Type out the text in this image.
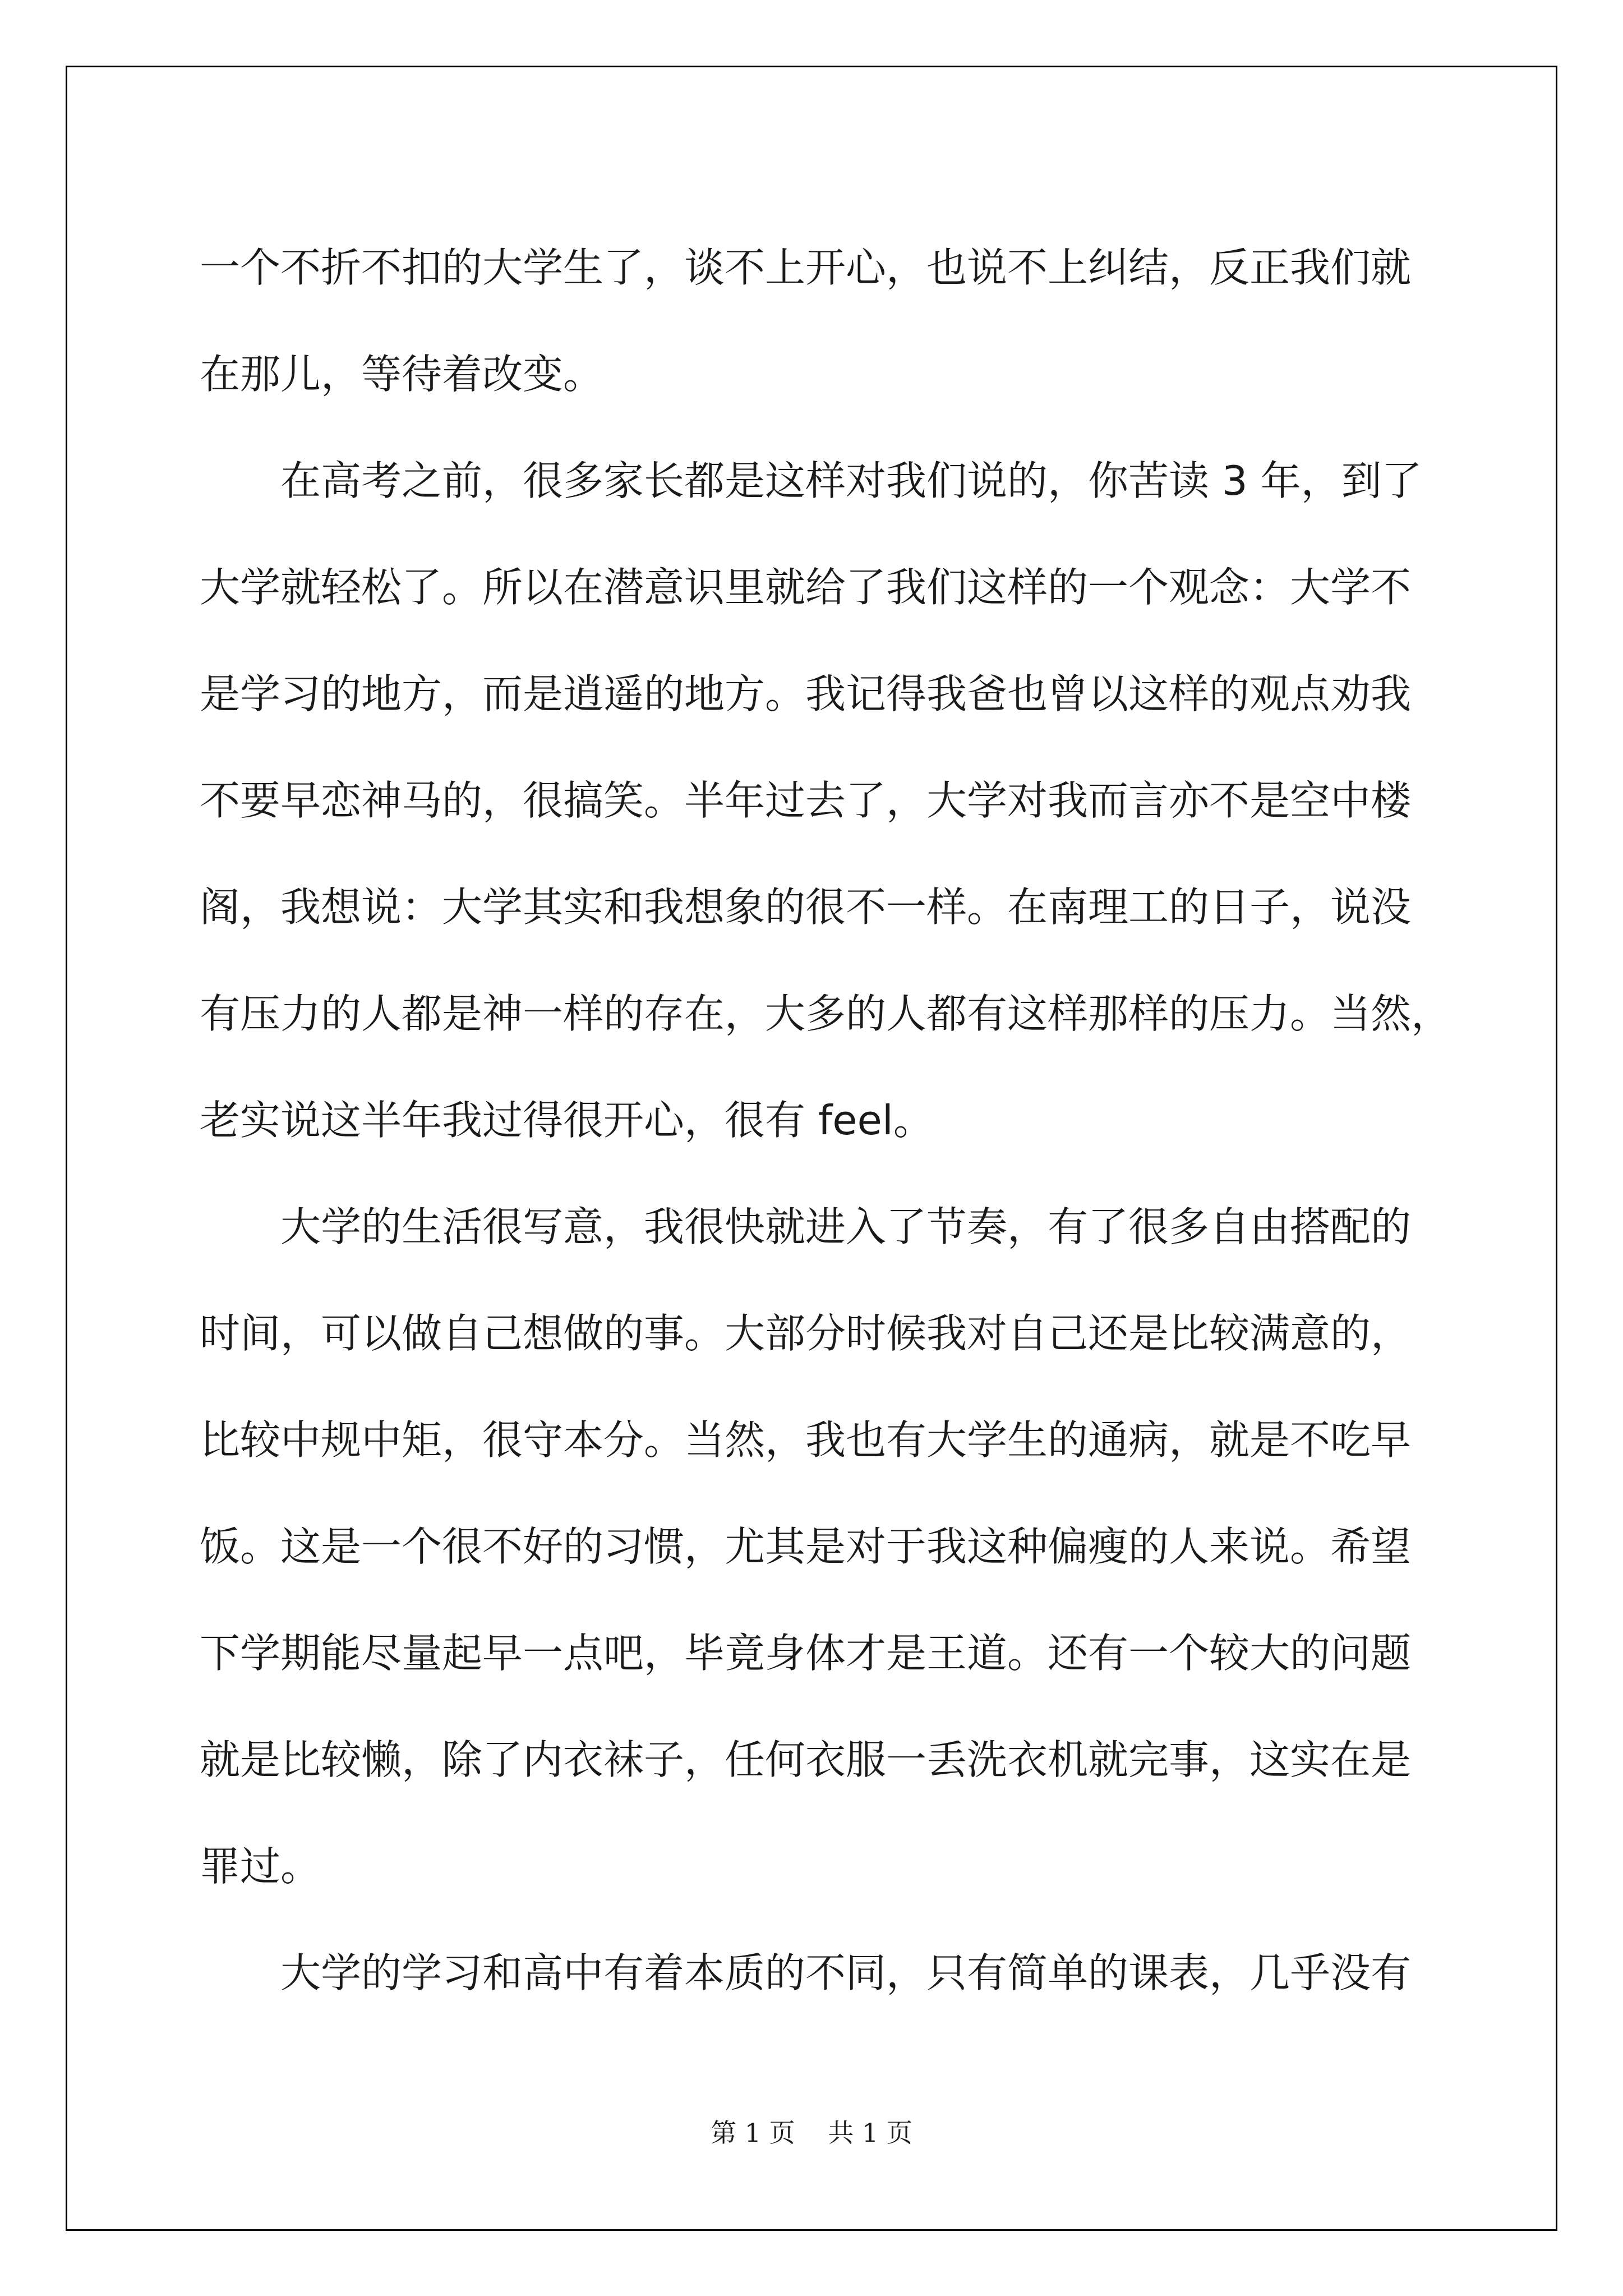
一个不折不扣的大学生了，谈不上开心，也说不上纠结，反正我们就
在那儿，等待着改变。
在高考之前，很多家长都是这样对我们说的，你苦读 3 年，到了
大学就轻松了。所以在潜意识里就给了我们这样的一个观念：大学不
是学习的地方，而是逍遥的地方。我记得我爸也曾以这样的观点劝我
不要早恋神马的，很搞笑。半年过去了，大学对我而言亦不是空中楼
阁，我想说：大学其实和我想象的很不一样。在南理工的日子，说没
有压力的人都是神一样的存在，大多的人都有这样那样的压力。当然，
老实说这半年我过得很开心，很有 feel。
大学的生活很写意，我很快就进入了节奏，有了很多自由搭配的
时间，可以做自己想做的事。大部分时候我对自己还是比较满意的，
比较中规中矩，很守本分。当然，我也有大学生的通病，就是不吃早
饭。这是一个很不好的习惯，尤其是对于我这种偏瘦的人来说。希望
下学期能尽量起早一点吧，毕竟身体才是王道。还有一个较大的问题
就是比较懒，除了内衣袜子，任何衣服一丢洗衣机就完事，这实在是
罪过。
大学的学习和高中有着本质的不同，只有简单的课表，几乎没有
第 1 页 共 1 页
